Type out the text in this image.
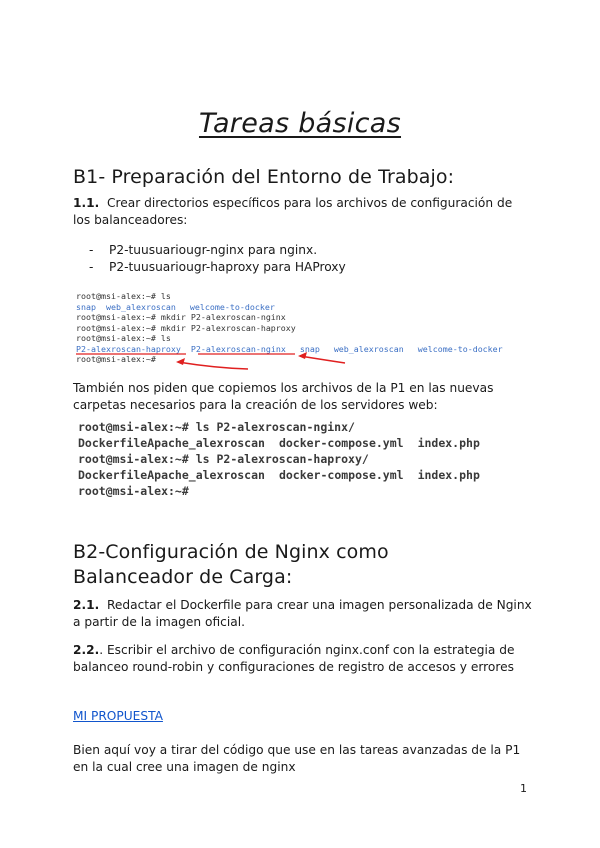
Tareas básicas
B1- Preparación del Entorno de Trabajo:
1.1. Crear directorios específicos para los archivos de configuración de los balanceadores:
- P2-tuusuariougr-nginx para nginx.
- P2-tuusuariougr-haproxy para HAProxy
root@msi-alex:~# ls
snap web_alexroscan welcome-to-docker
root@msi-alex:~# mkdir P2-alexroscan-nginx
root@msi-alex:~# mkdir P2-alexroscan-haproxy
root@msi-alex:~# ls
P2-alexroscan-haproxy P2-alexroscan-nginx snap web_alexroscan welcome-to-docker
root@msi-alex:~#
También nos piden que copiemos los archivos de la P1 en las nuevas carpetas necesarios para la creación de los servidores web:
root@msi-alex:~# ls P2-alexroscan-nginx/
DockerfileApache_alexroscan docker-compose.yml index.php
root@msi-alex:~# ls P2-alexroscan-haproxy/
DockerfileApache_alexroscan docker-compose.yml index.php
root@msi-alex:~#
B2-Configuración de Nginx como
Balanceador de Carga:
2.1. Redactar el Dockerfile para crear una imagen personalizada de Nginx a partir de la imagen oficial.
2.2.. Escribir el archivo de configuración nginx.conf con la estrategia de balanceo round-robin y configuraciones de registro de accesos y errores
MI PROPUESTA
Bien aquí voy a tirar del código que use en las tareas avanzadas de la P1 en la cual cree una imagen de nginx
1
